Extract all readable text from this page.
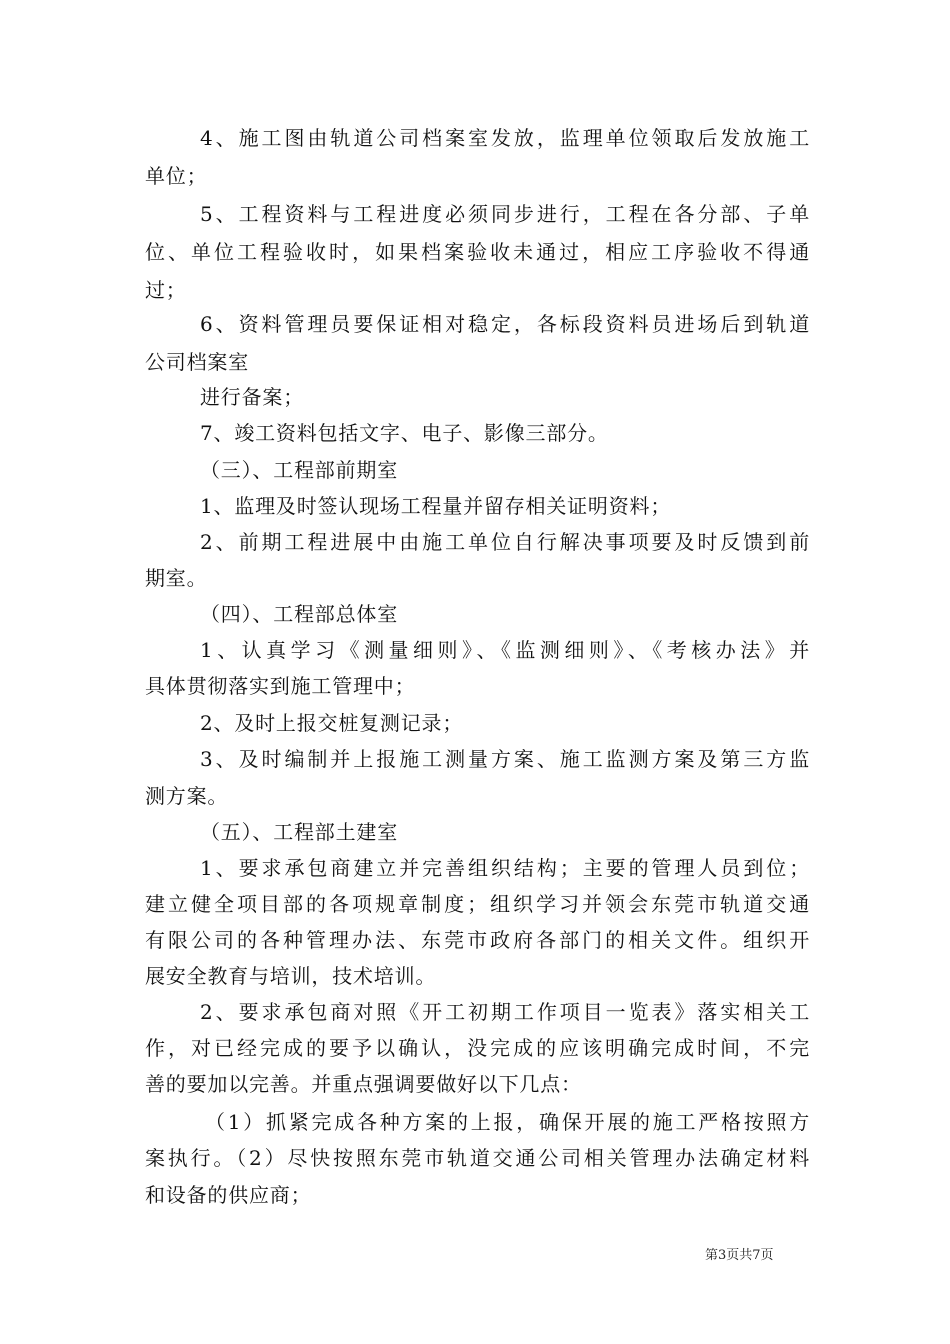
4、施工图由轨道公司档案室发放，监理单位领取后发放施工
单位；
5、工程资料与工程进度必须同步进行，工程在各分部、子单
位、单位工程验收时，如果档案验收未通过，相应工序验收不得通
过；
6、资料管理员要保证相对稳定，各标段资料员进场后到轨道
公司档案室
进行备案；
7、竣工资料包括文字、电子、影像三部分。
（三）、工程部前期室
1、监理及时签认现场工程量并留存相关证明资料；
2、前期工程进展中由施工单位自行解决事项要及时反馈到前
期室。
（四）、工程部总体室
1、认真学习《测量细则》、《监测细则》、《考核办法》并
具体贯彻落实到施工管理中；
2、及时上报交桩复测记录；
3、及时编制并上报施工测量方案、施工监测方案及第三方监
测方案。
（五）、工程部土建室
1、要求承包商建立并完善组织结构；主要的管理人员到位；
建立健全项目部的各项规章制度；组织学习并领会东莞市轨道交通
有限公司的各种管理办法、东莞市政府各部门的相关文件。组织开
展安全教育与培训，技术培训。
2、要求承包商对照《开工初期工作项目一览表》落实相关工
作，对已经完成的要予以确认，没完成的应该明确完成时间，不完
善的要加以完善。并重点强调要做好以下几点：
（1）抓紧完成各种方案的上报，确保开展的施工严格按照方
案执行。（2）尽快按照东莞市轨道交通公司相关管理办法确定材料
和设备的供应商；
第3页共7页
